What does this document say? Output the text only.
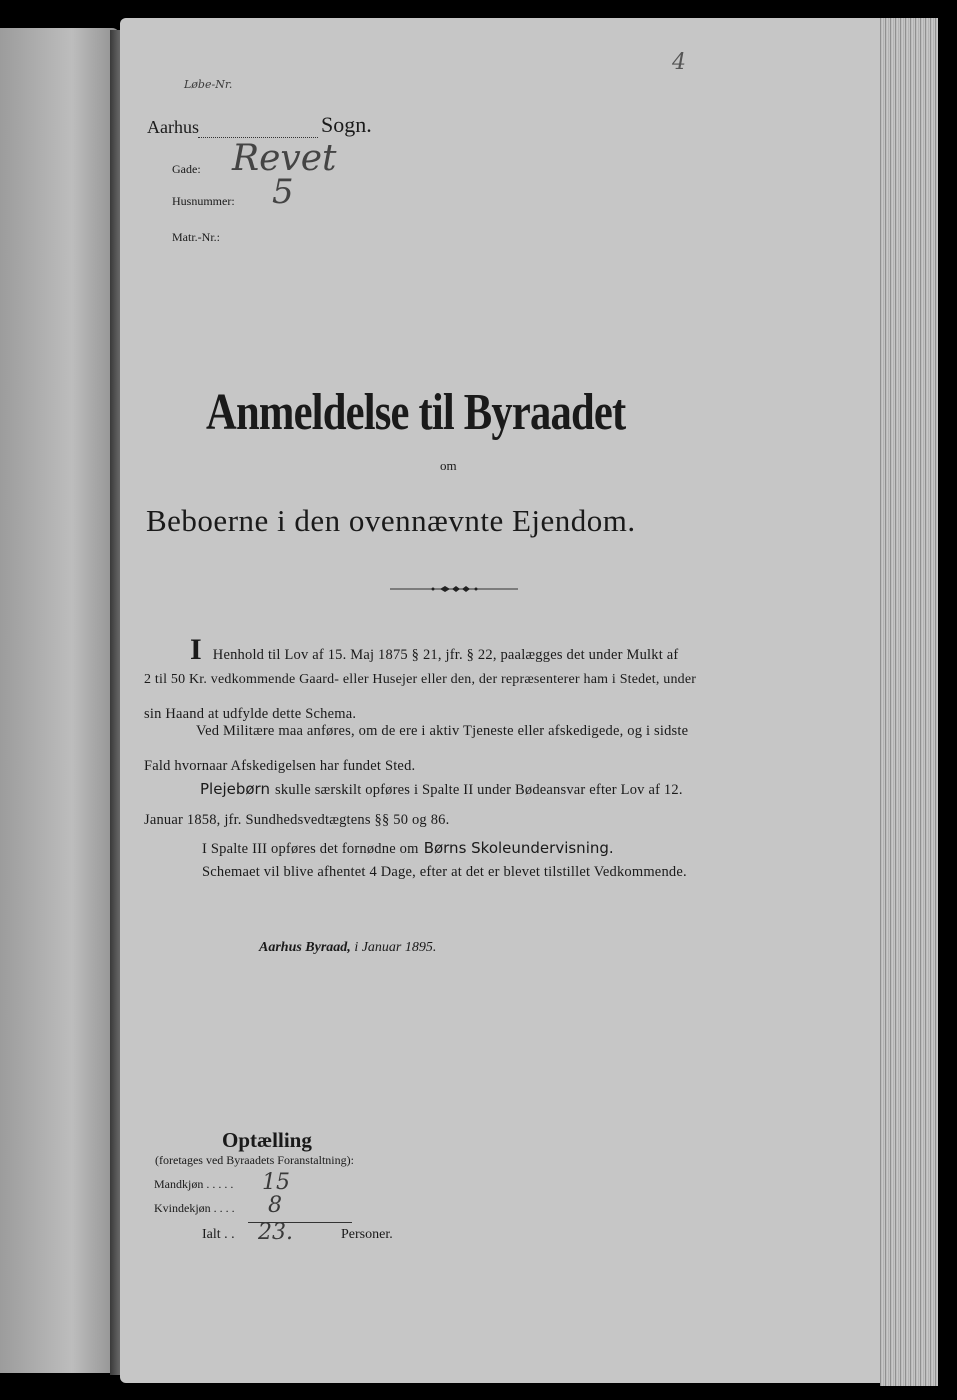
Løbe-Nr.
4
Aarhus	Sogn.
Gade: Revet
Husnummer: 5
Matr.-Nr.:
Anmeldelse til Byraadet
om
Beboerne i den ovennævnte Ejendom.
I Henhold til Lov af 15. Maj 1875 § 21, jfr. § 22, paalægges det under Mulkt af
2 til 50 Kr. vedkommende Gaard- eller Husejer eller den, der repræsenterer ham i Stedet, under
sin Haand at udfylde dette Schema.
Ved Militære maa anføres, om de ere i aktiv Tjeneste eller afskedigede, og i sidste
Fald hvornaar Afskedigelsen har fundet Sted.
Plejebørn skulle særskilt opføres i Spalte II under Bødeansvar efter Lov af 12.
Januar 1858, jfr. Sundhedsvedtægtens §§ 50 og 86.
I Spalte III opføres det fornødne om Børns Skoleundervisning.
Schemaet vil blive afhentet 4 Dage, efter at det er blevet tilstillet Vedkommende.
Aarhus Byraad, i Januar 1895.
Optælling
(foretages ved Byraadets Foranstaltning):
Mandkjøn . . . . . 15
Kvindekjøn . . . . 8
Ialt . . 23.	Personer.
